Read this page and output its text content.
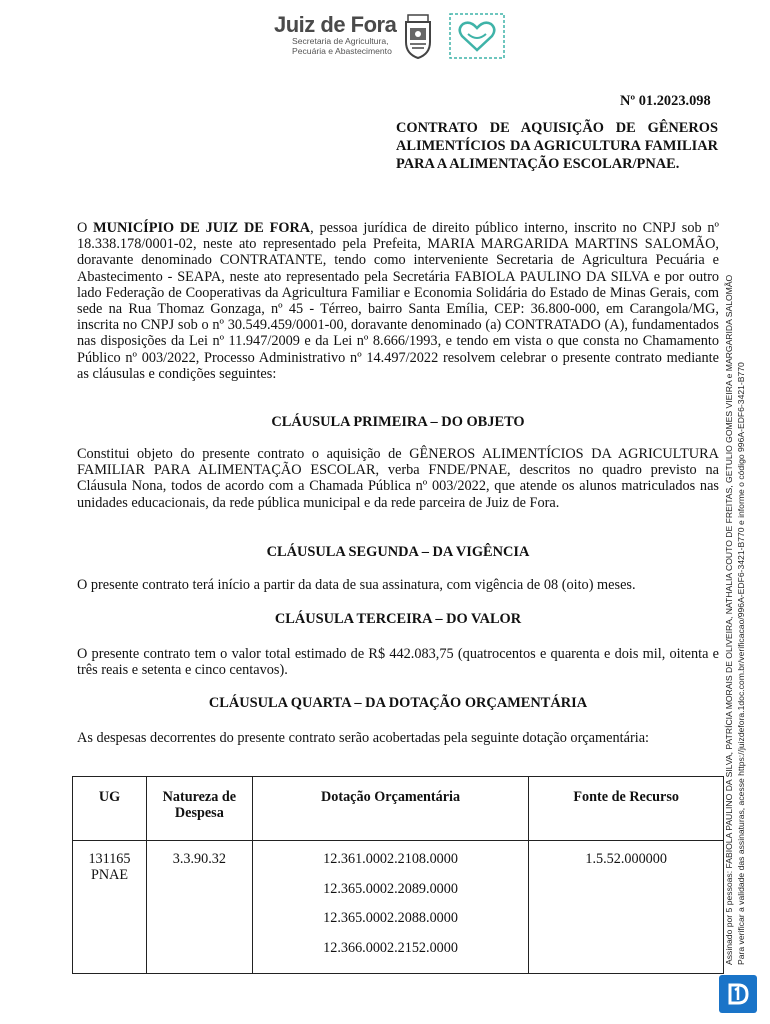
Juiz de Fora
Secretaria de Agricultura,
Pecuária e Abastecimento
Nº 01.2023.098
CONTRATO DE AQUISIÇÃO DE GÊNEROS ALIMENTÍCIOS DA AGRICULTURA FAMILIAR PARA A ALIMENTAÇÃO ESCOLAR/PNAE.

O MUNICÍPIO DE JUIZ DE FORA, pessoa jurídica de direito público interno, inscrito no CNPJ sob nº 18.338.178/0001-02, neste ato representado pela Prefeita, MARIA MARGARIDA MARTINS SALOMÃO, doravante denominado CONTRATANTE, tendo como interveniente Secretaria de Agricultura Pecuária e Abastecimento - SEAPA, neste ato representado pela Secretária FABIOLA PAULINO DA SILVA e por outro lado Federação de Cooperativas da Agricultura Familiar e Economia Solidária do Estado de Minas Gerais, com sede na Rua Thomaz Gonzaga, nº 45 - Térreo, bairro Santa Emília, CEP: 36.800-000, em Carangola/MG, inscrita no CNPJ sob o nº 30.549.459/0001-00, doravante denominado (a) CONTRATADO (A), fundamentados nas disposições da Lei nº 11.947/2009 e da Lei nº 8.666/1993, e tendo em vista o que consta no Chamamento Público nº 003/2022, Processo Administrativo nº 14.497/2022 resolvem celebrar o presente contrato mediante as cláusulas e condições seguintes:

CLÁUSULA PRIMEIRA – DO OBJETO

Constitui objeto do presente contrato o aquisição de GÊNEROS ALIMENTÍCIOS DA AGRICULTURA FAMILIAR PARA ALIMENTAÇÃO ESCOLAR, verba FNDE/PNAE, descritos no quadro previsto na Cláusula Nona, todos de acordo com a Chamada Pública nº 003/2022, que atende os alunos matriculados nas unidades educacionais, da rede pública municipal e da rede parceira de Juiz de Fora.

CLÁUSULA SEGUNDA – DA VIGÊNCIA

O presente contrato terá início a partir da data de sua assinatura, com vigência de 08 (oito) meses.

CLÁUSULA TERCEIRA – DO VALOR

O presente contrato tem o valor total estimado de R$ 442.083,75 (quatrocentos e quarenta e dois mil, oitenta e três reais e setenta e cinco centavos).

CLÁUSULA QUARTA – DA DOTAÇÃO ORÇAMENTÁRIA

As despesas decorrentes do presente contrato serão acobertadas pela seguinte dotação orçamentária:

UG	Natureza de Despesa	Dotação Orçamentária	Fonte de Recurso
131165 PNAE	3.3.90.32	12.361.0002.2108.0000
12.365.0002.2089.0000
12.365.0002.2088.0000
12.366.0002.2152.0000	1.5.52.000000	Assinado por 5 pessoas: FABIOLA PAULINO DA SILVA, PATRÍCIA MORAIS DE OLIVEIRA, NATHALIA COUTO DE FREITAS, GETULIO GOMES VIEIRA e MARGARIDA SALOMÃO Para verificar a validade das assinaturas, acesse https://juizdefora.1doc.com.br/verificacao/996A-EDF6-3421-B770 e informe o código 996A-EDF6-3421-B770
